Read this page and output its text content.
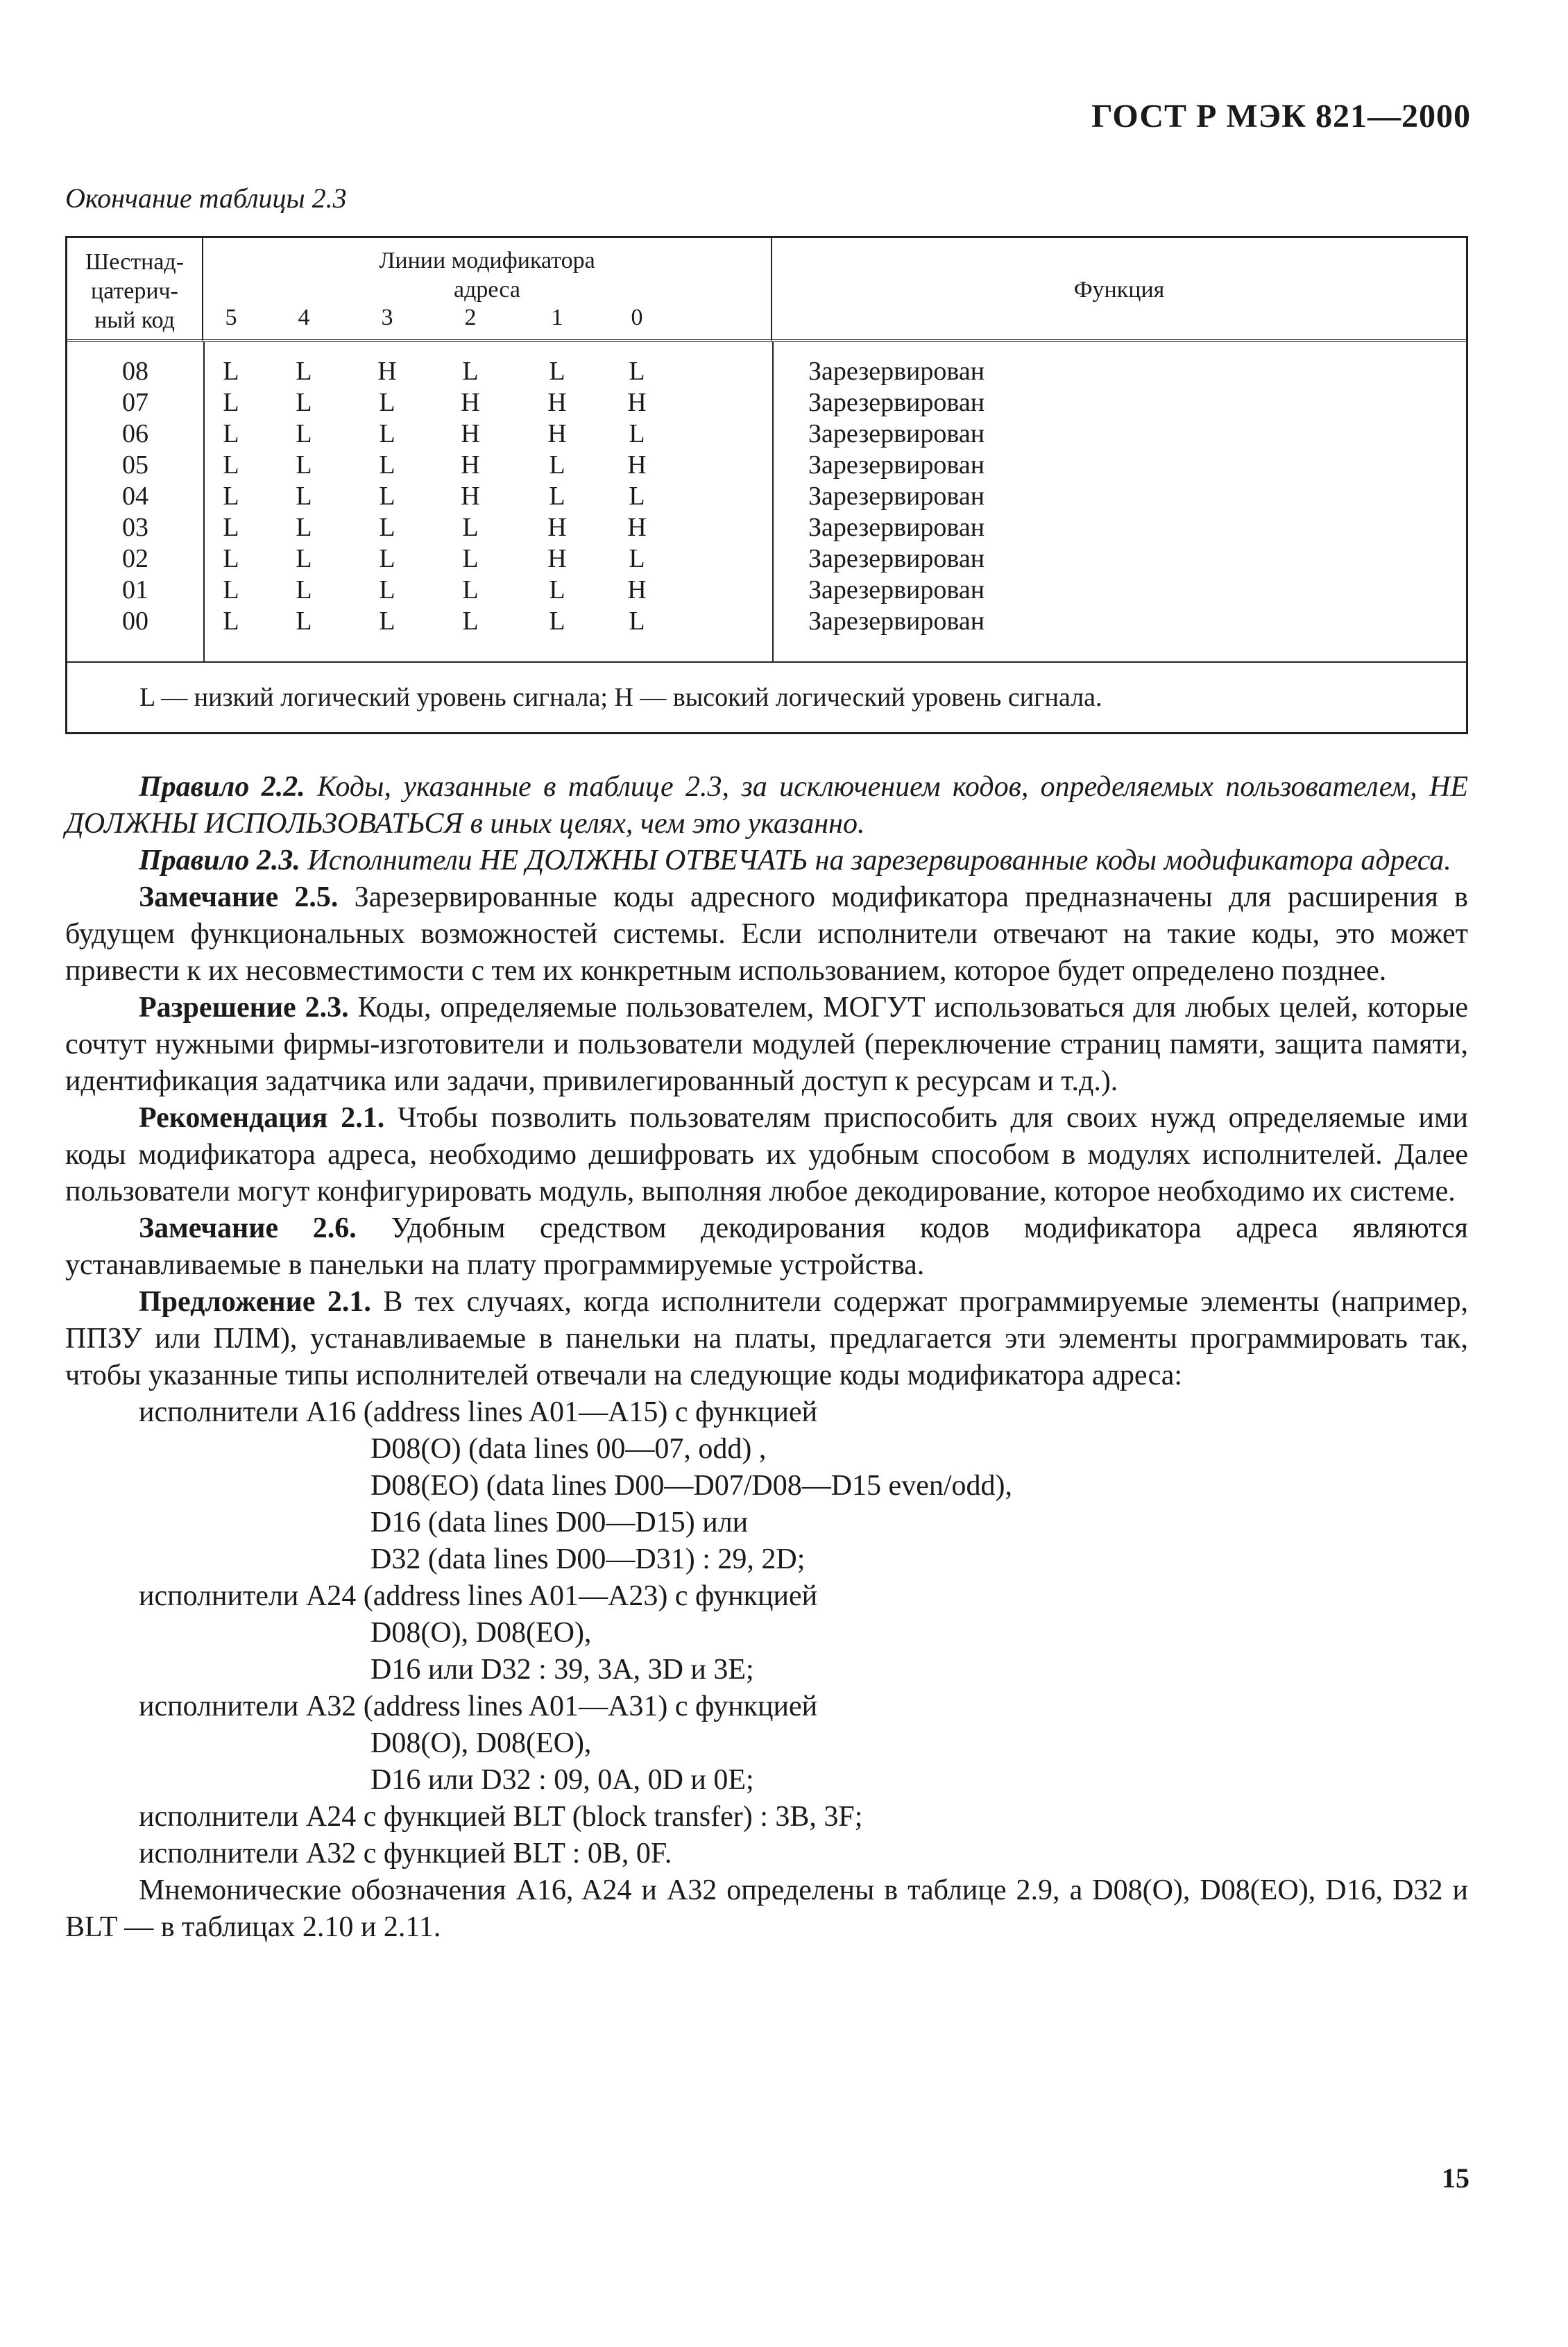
ГОСТ Р МЭК 821—2000
Окончание таблицы 2.3
Шестнад-
цатерич-
ный код
Линии модификатора
адреса
5	4	3	2	1	0
Функция
08	L L H L	L L	Зарезервирован
07	L L	L H	H H	Зарезервирован
06	L L	L H	H L	Зарезервирован
05	L L	L H	L H	Зарезервирован
04	L L	L H	L L	Зарезервирован
03	L L	L	L	H H	Зарезервирован
02	L L	L	L	H L	Зарезервирован
01	L L	L	L	L H	Зарезервирован
00	L L	L	L	L L	Зарезервирован
L — низкий логический уровень сигнала; H — высокий логический уровень сигнала.

Правило 2.2. Коды, указанные в таблице 2.3, за исключением кодов, определяемых пользователем, НЕ ДОЛЖНЫ ИСПОЛЬЗОВАТЬСЯ в иных целях, чем это указанно.

Правило 2.3. Исполнители НЕ ДОЛЖНЫ ОТВЕЧАТЬ на зарезервированные коды модификатора адреса.

Замечание 2.5. Зарезервированные коды адресного модификатора предназначены для расширения в будущем функциональных возможностей системы. Если исполнители отвечают на такие коды, это может привести к их несовместимости с тем их конкретным использованием, которое будет определено позднее.

Разрешение 2.3. Коды, определяемые пользователем, МОГУТ использоваться для любых целей, которые сочтут нужными фирмы-изготовители и пользователи модулей (переключение страниц памяти, защита памяти, идентификация задатчика или задачи, привилегированный доступ к ресурсам и т.д.).

Рекомендация 2.1. Чтобы позволить пользователям приспособить для своих нужд определяемые ими коды модификатора адреса, необходимо дешифровать их удобным способом в модулях исполнителей. Далее пользователи могут конфигурировать модуль, выполняя любое декодирование, которое необходимо их системе.

Замечание 2.6. Удобным средством декодирования кодов модификатора адреса являются устанавливаемые в панельки на плату программируемые устройства.

Предложение 2.1. В тех случаях, когда исполнители содержат программируемые элементы (например, ППЗУ или ПЛМ), устанавливаемые в панельки на платы, предлагается эти элементы программировать так, чтобы указанные типы исполнителей отвечали на следующие коды модификатора адреса:

исполнители A16 (address lines A01—A15) с функцией

D08(O) (data lines 00—07, odd) ,

D08(EO) (data lines D00—D07/D08—D15 even/odd),

D16 (data lines D00—D15) или

D32 (data lines D00—D31) : 29, 2D;

исполнители A24 (address lines A01—A23) с функцией

D08(O), D08(EO),

D16 или D32 : 39, 3A, 3D и 3E;

исполнители A32 (address lines A01—A31) с функцией

D08(O), D08(EO),

D16 или D32 : 09, 0A, 0D и 0E;

исполнители A24 с функцией BLT (block transfer) : 3B, 3F;

исполнители A32 с функцией BLT : 0B, 0F.

Мнемонические обозначения A16, A24 и A32 определены в таблице 2.9, а D08(O), D08(EO), D16, D32 и BLT — в таблицах 2.10 и 2.11.

15
